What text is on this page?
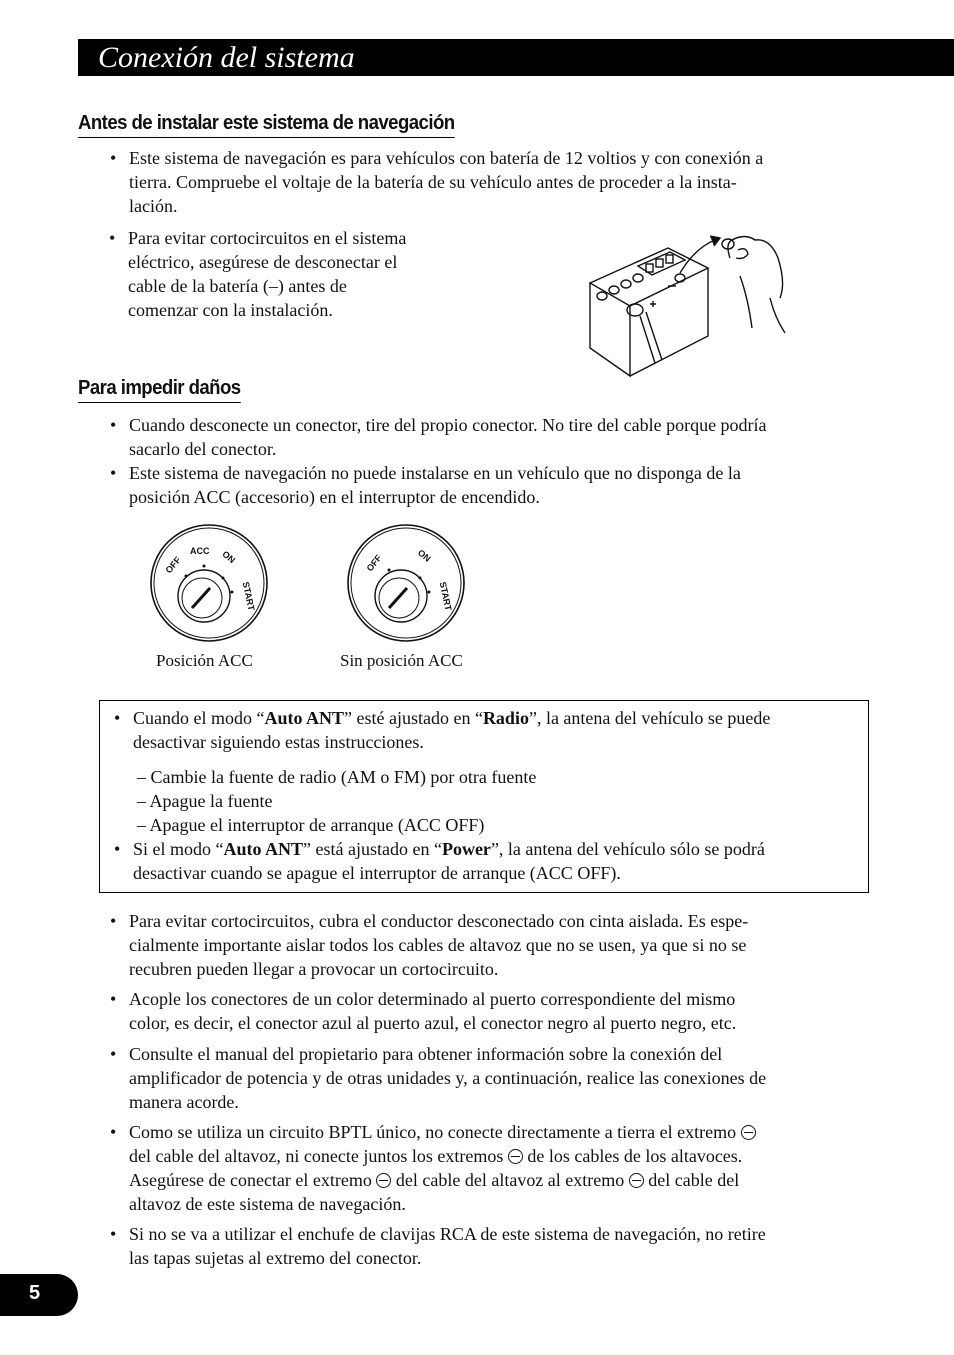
Conexión del sistema
Antes de instalar este sistema de navegación
• Este sistema de navegación es para vehículos con batería de 12 voltios y con conexión a
tierra. Compruebe el voltaje de la batería de su vehículo antes de proceder a la insta-
lación.
• Para evitar cortocircuitos en el sistema
eléctrico, asegúrese de desconectar el
cable de la batería (–) antes de
comenzar con la instalación.
Para impedir daños
• Cuando desconecte un conector, tire del propio conector. No tire del cable porque podría
sacarlo del conector.
• Este sistema de navegación no puede instalarse en un vehículo que no disponga de la
posición ACC (accesorio) en el interruptor de encendido.
OFF
ACC ON
START
OFF	ON
START
Posición ACC	Sin posición ACC
• Cuando el modo “Auto ANT” esté ajustado en “Radio”, la antena del vehículo se puede
desactivar siguiendo estas instrucciones.
– Cambie la fuente de radio (AM o FM) por otra fuente
– Apague la fuente
– Apague el interruptor de arranque (ACC OFF)
• Si el modo “Auto ANT” está ajustado en “Power”, la antena del vehículo sólo se podrá
desactivar cuando se apague el interruptor de arranque (ACC OFF).
• Para evitar cortocircuitos, cubra el conductor desconectado con cinta aislada. Es espe-
cialmente importante aislar todos los cables de altavoz que no se usen, ya que si no se
recubren pueden llegar a provocar un cortocircuito.
• Acople los conectores de un color determinado al puerto correspondiente del mismo
color, es decir, el conector azul al puerto azul, el conector negro al puerto negro, etc.
• Consulte el manual del propietario para obtener información sobre la conexión del
amplificador de potencia y de otras unidades y, a continuación, realice las conexiones de
manera acorde.
• Como se utiliza un circuito BPTL único, no conecte directamente a tierra el extremo
del cable del altavoz, ni conecte juntos los extremos de los cables de los altavoces.
Asegúrese de conectar el extremo del cable del altavoz al extremo del cable del
altavoz de este sistema de navegación.
• Si no se va a utilizar el enchufe de clavijas RCA de este sistema de navegación, no retire
las tapas sujetas al extremo del conector.
5
